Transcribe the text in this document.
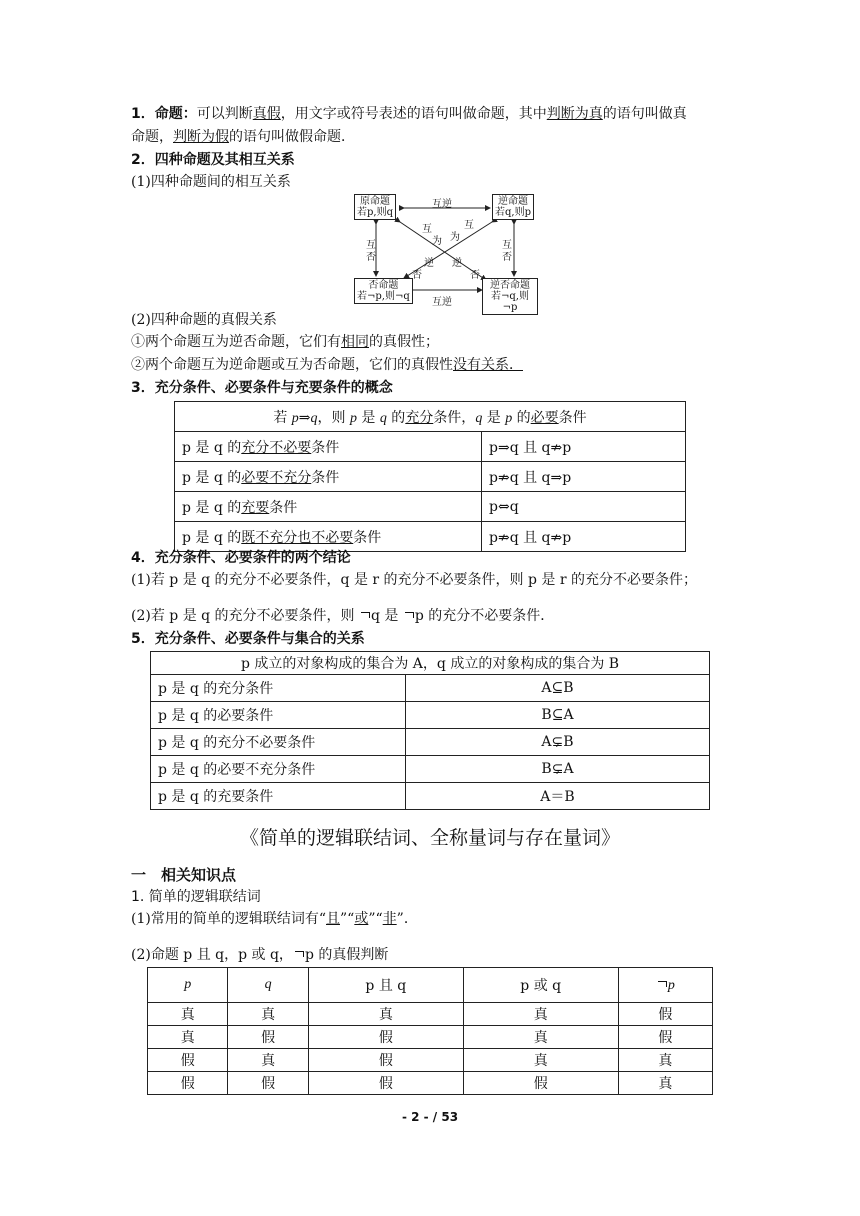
1．命题：可以判断真假，用文字或符号表述的语句叫做命题，其中判断为真的语句叫做真
命题，判断为假的语句叫做假命题．
2．四种命题及其相互关系
(1)四种命题间的相互关系
原命题
若p,则q
逆命题
若q,则p
否命题
若¬p,则¬q
逆否命题
若¬q,则¬p
互逆
互逆
互
否
互
否
互
为
逆
否
互
为
逆
否
(2)四种命题的真假关系
①两个命题互为逆否命题，它们有相同的真假性；
②两个命题互为逆命题或互为否命题，它们的真假性没有关系．
3．充分条件、必要条件与充要条件的概念
若 p⇒q，则 p 是 q 的充分条件，q 是 p 的必要条件	
p 是 q 的充分不必要条件	p⇒q 且 q⇏p
p 是 q 的必要不充分条件	p⇏q 且 q⇒p
p 是 q 的充要条件	p⇔q
p 是 q 的既不充分也不必要条件	p⇏q 且 q⇏p
4．充分条件、必要条件的两个结论
(1)若 p 是 q 的充分不必要条件，q 是 r 的充分不必要条件，则 p 是 r 的充分不必要条件；
(2)若 p 是 q 的充分不必要条件，则 q 是 p 的充分不必要条件．
5．充分条件、必要条件与集合的关系
p 成立的对象构成的集合为 A，q 成立的对象构成的集合为 B	
p 是 q 的充分条件	A⊆B
p 是 q 的必要条件	B⊆A
p 是 q 的充分不必要条件	A⊊B
p 是 q 的必要不充分条件	B⊊A
p 是 q 的充要条件	A＝B
《简单的逻辑联结词、全称量词与存在量词》
一　相关知识点
1. 简单的逻辑联结词
(1)常用的简单的逻辑联结词有“且”“或”“非”．
(2)命题 p 且 q，p 或 q， p 的真假判断
p	q	p 且 q	p 或 q	p
真	真	真	真	假
真	假	假	真	假
假	真	假	真	真
假	假	假	假	真
- 2 - / 53
